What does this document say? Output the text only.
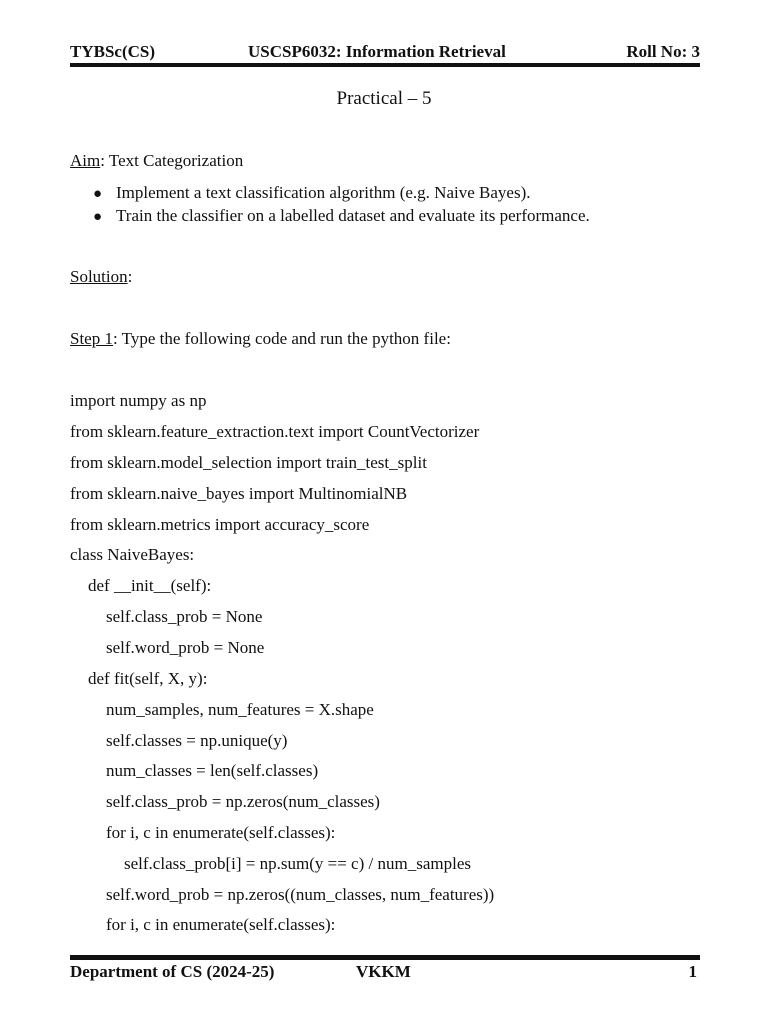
TYBSc(CS)	USCSP6032: Information Retrieval	Roll No: 3
Practical – 5
Aim: Text Categorization
● Implement a text classification algorithm (e.g. Naive Bayes).
● Train the classifier on a labelled dataset and evaluate its performance.
Solution:
Step 1: Type the following code and run the python file:
import numpy as np
from sklearn.feature_extraction.text import CountVectorizer
from sklearn.model_selection import train_test_split
from sklearn.naive_bayes import MultinomialNB
from sklearn.metrics import accuracy_score
class NaiveBayes:
def __init__(self):
self.class_prob = None
self.word_prob = None
def fit(self, X, y):
num_samples, num_features = X.shape
self.classes = np.unique(y)
num_classes = len(self.classes)
self.class_prob = np.zeros(num_classes)
for i, c in enumerate(self.classes):
self.class_prob[i] = np.sum(y == c) / num_samples
self.word_prob = np.zeros((num_classes, num_features))
for i, c in enumerate(self.classes):
Department of CS (2024-25)	VKKM	1
